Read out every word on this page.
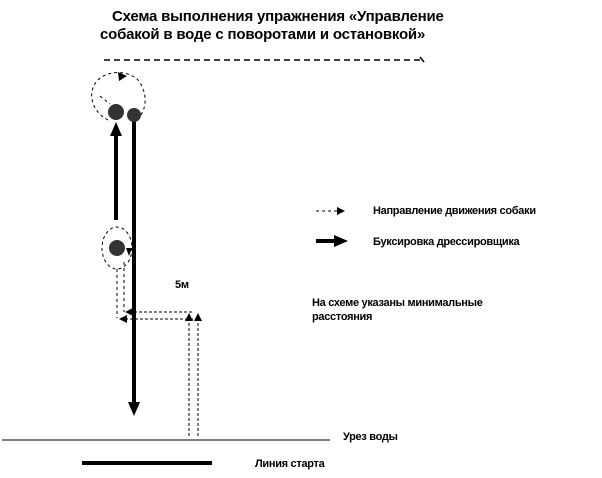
Схема выполнения упражнения «Управление
собакой в воде с поворотами и остановкой»
Направление движения собаки
Буксировка дрессировщика
5м
На схеме указаны минимальные
расстояния
Урез воды
Линия старта
